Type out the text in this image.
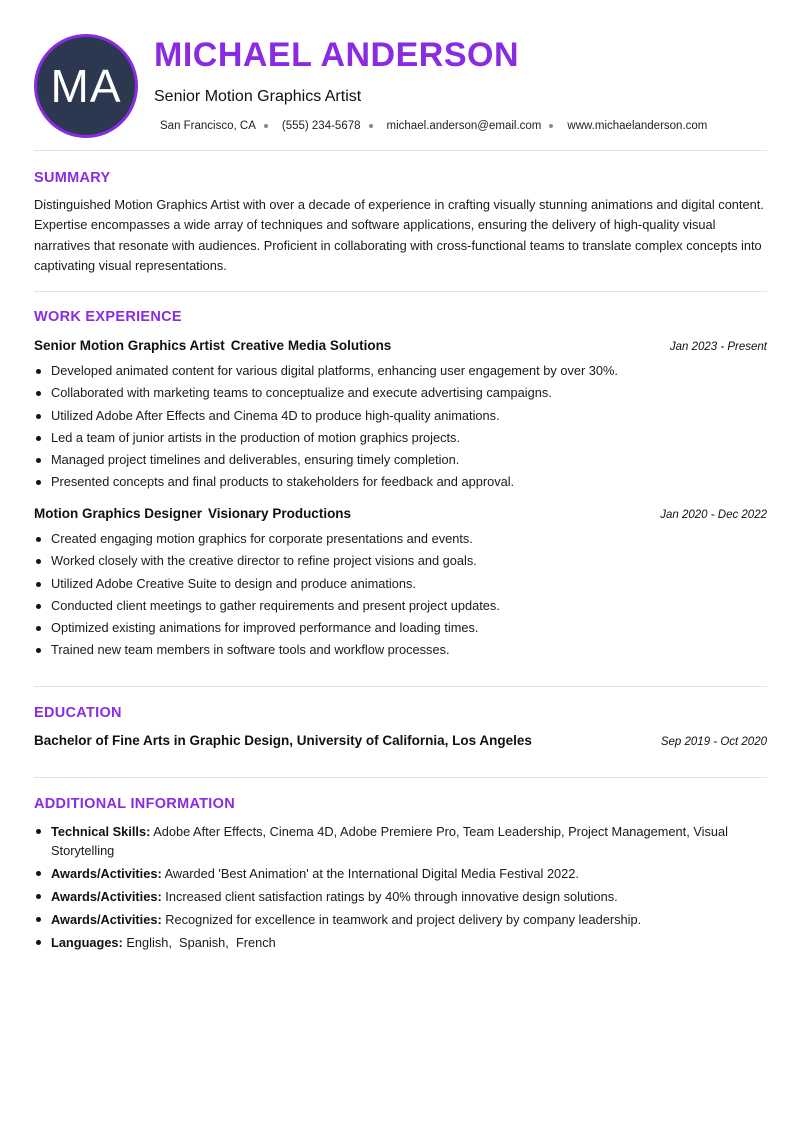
MA
MICHAEL ANDERSON
Senior Motion Graphics Artist
San Francisco, CA (555) 234-5678 michael.anderson@email.com www.michaelanderson.com
SUMMARY
Distinguished Motion Graphics Artist with over a decade of experience in crafting visually stunning animations and digital content. Expertise encompasses a wide array of techniques and software applications, ensuring the delivery of high-quality visual narratives that resonate with audiences. Proficient in collaborating with cross-functional teams to translate complex concepts into captivating visual representations.
WORK EXPERIENCE
Senior Motion Graphics Artist Creative Media Solutions	Jan 2023 - Present
Developed animated content for various digital platforms, enhancing user engagement by over 30%.
Collaborated with marketing teams to conceptualize and execute advertising campaigns.
Utilized Adobe After Effects and Cinema 4D to produce high-quality animations.
Led a team of junior artists in the production of motion graphics projects.
Managed project timelines and deliverables, ensuring timely completion.
Presented concepts and final products to stakeholders for feedback and approval.
Motion Graphics Designer Visionary Productions	Jan 2020 - Dec 2022
Created engaging motion graphics for corporate presentations and events.
Worked closely with the creative director to refine project visions and goals.
Utilized Adobe Creative Suite to design and produce animations.
Conducted client meetings to gather requirements and present project updates.
Optimized existing animations for improved performance and loading times.
Trained new team members in software tools and workflow processes.
EDUCATION
Bachelor of Fine Arts in Graphic Design, University of California, Los Angeles	Sep 2019 - Oct 2020
ADDITIONAL INFORMATION
Technical Skills: Adobe After Effects, Cinema 4D, Adobe Premiere Pro, Team Leadership, Project Management, Visual Storytelling
Awards/Activities: Awarded 'Best Animation' at the International Digital Media Festival 2022.
Awards/Activities: Increased client satisfaction ratings by 40% through innovative design solutions.
Awards/Activities: Recognized for excellence in teamwork and project delivery by company leadership.
Languages: English , Spanish , French
